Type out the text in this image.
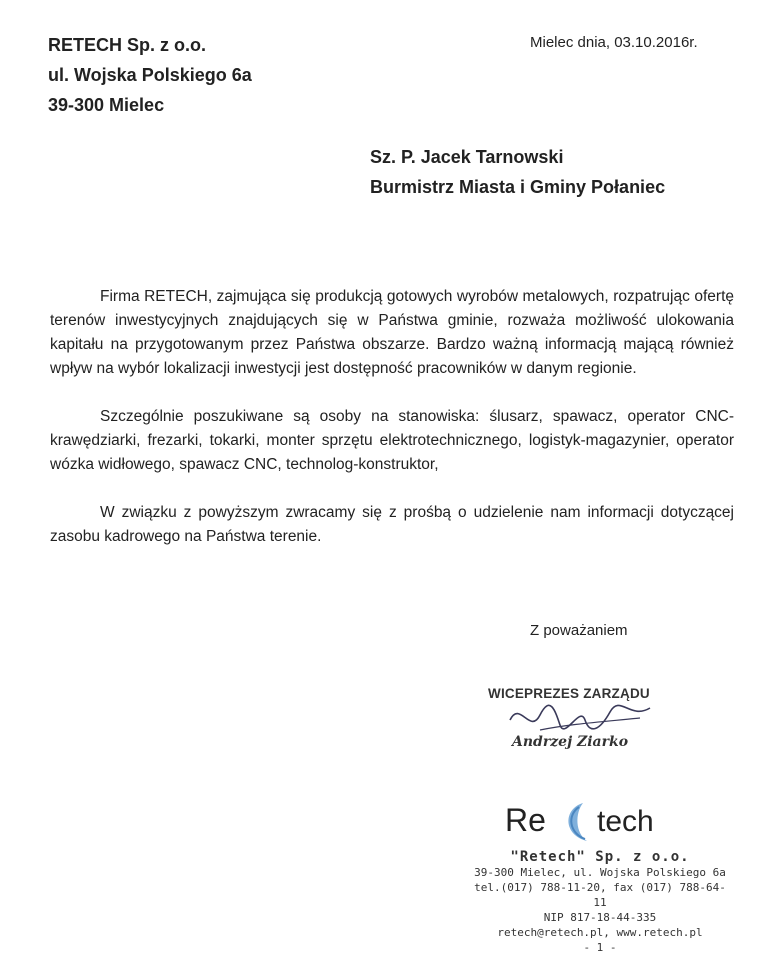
RETECH Sp. z o.o.
ul. Wojska Polskiego 6a
39-300 Mielec
Mielec dnia, 03.10.2016r.
Sz. P. Jacek Tarnowski
Burmistrz Miasta i Gminy Połaniec

Firma RETECH, zajmująca się produkcją gotowych wyrobów metalowych, rozpatrując ofertę terenów inwestycyjnych znajdujących się w Państwa gminie, rozważa możliwość ulokowania kapitału na przygotowanym przez Państwa obszarze. Bardzo ważną informacją mającą również wpływ na wybór lokalizacji inwestycji jest dostępność pracowników w danym regionie.

Szczególnie poszukiwane są osoby na stanowiska: ślusarz, spawacz, operator CNC-krawędziarki, frezarki, tokarki, monter sprzętu elektrotechnicznego, logistyk-magazynier, operator wózka widłowego, spawacz CNC, technolog-konstruktor,

W związku z powyższym zwracamy się z prośbą o udzielenie nam informacji dotyczącej zasobu kadrowego na Państwa terenie.

Z poważaniem
WICEPREZES ZARZĄDU
Andrzej Ziarko
Re tech
"Retech" Sp. z o.o.
39-300 Mielec, ul. Wojska Polskiego 6a
tel.(017) 788-11-20, fax (017) 788-64-11
NIP 817-18-44-335
retech@retech.pl, www.retech.pl
- 1 -
